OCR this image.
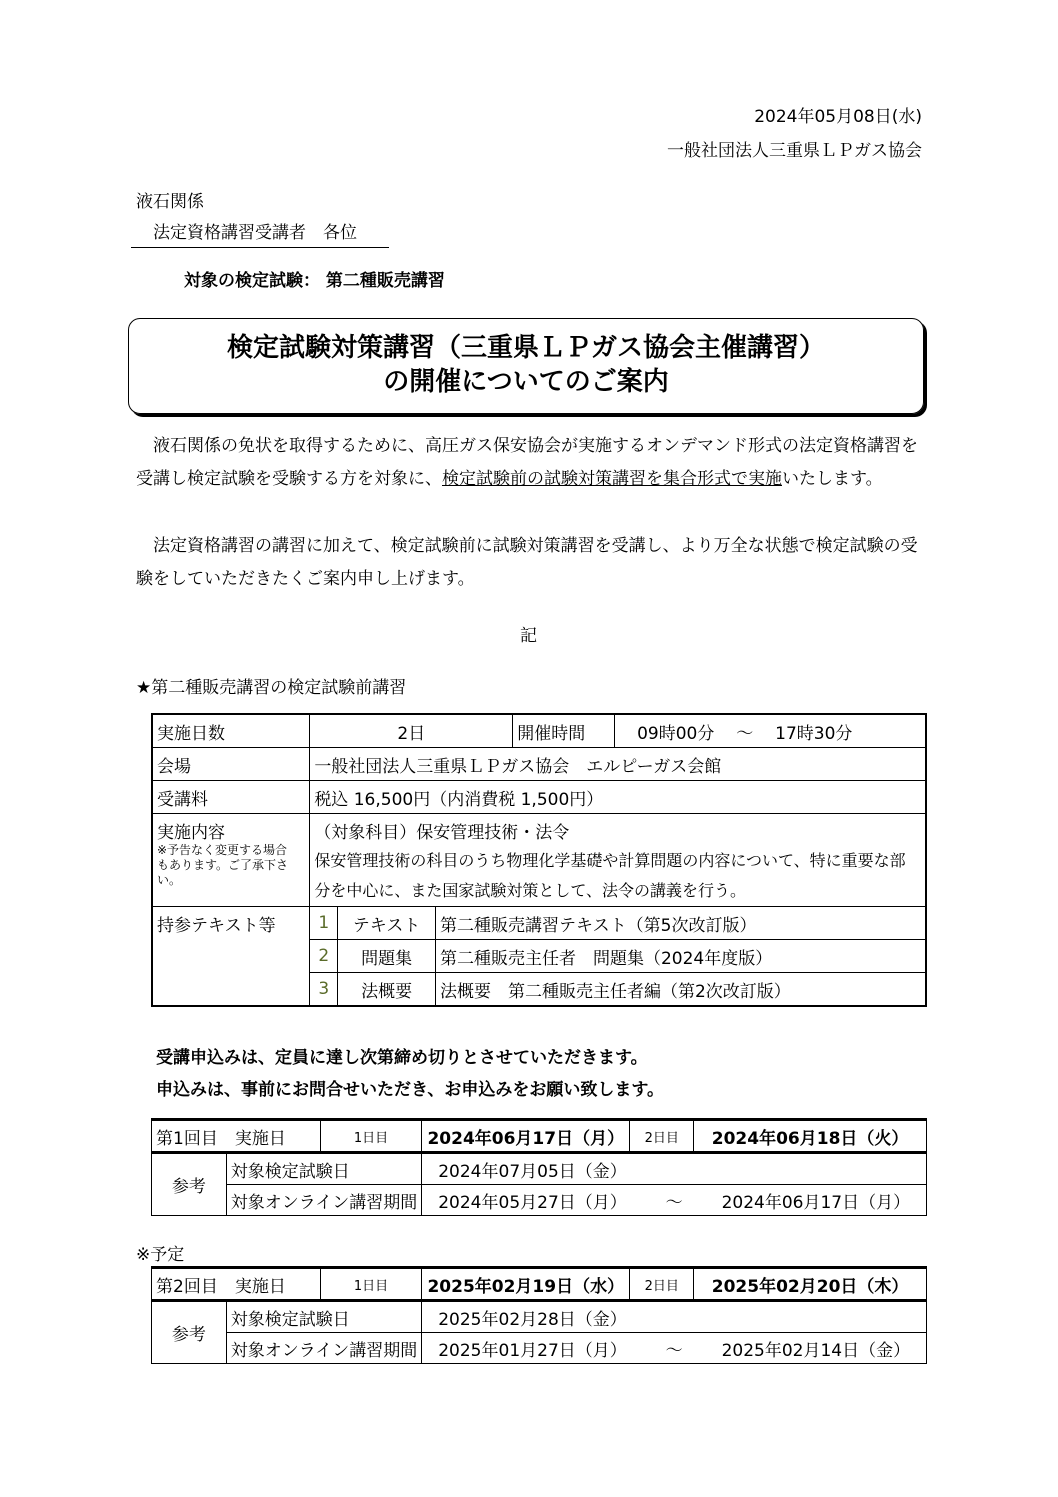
2024年05月08日(水)
一般社団法人三重県ＬＰガス協会
液石関係
法定資格講習受講者　各位
対象の検定試験： 第二種販売講習
検定試験対策講習（三重県ＬＰガス協会主催講習）
の開催についてのご案内
　液石関係の免状を取得するために、高圧ガス保安協会が実施するオンデマンド形式の法定資格講習を受講し検定試験を受験する方を対象に、検定試験前の試験対策講習を集合形式で実施いたします。
　法定資格講習の講習に加えて、検定試験前に試験対策講習を受講し、より万全な状態で検定試験の受験をしていただきたくご案内申し上げます。
記
★第二種販売講習の検定試験前講習
実施日数	2日			開催時間	09時00分 ～ 17時30分
会場	一般社団法人三重県ＬＰガス協会　エルピーガス会館				
受講料	税込 16,500円（内消費税 1,500円）				

実施内容
※予告なく変更する場合もあります。ご了承下さい。	（対象科目）保安管理技術・法令				
	保安管理技術の科目のうち物理化学基礎や計算問題の内容について、特に重要な部分を中心に、また国家試験対策として、法令の講義を行う。				
持参テキスト等	1	テキスト	第二種販売講習テキスト（第5次改訂版）		
	2	問題集	第二種販売主任者　問題集（2024年度版）		
	3	法概要	法概要　第二種販売主任者編（第2次改訂版）		
受講申込みは、定員に達し次第締め切りとさせていただきます。
申込みは、事前にお問合せいただき、お申込みをお願い致します。
第1回目　実施日		1日目	2024年06月17日（月）	2日目	2024年06月18日（火）
参考	対象検定試験日		2024年07月05日（金）		
	対象オンライン講習期間		2024年05月27日（月） ～ 2024年06月17日（月）		
※予定
第2回目　実施日		1日目	2025年02月19日（水）	2日目	2025年02月20日（木）
参考	対象検定試験日		2025年02月28日（金）		
	対象オンライン講習期間		2025年01月27日（月） ～ 2025年02月14日（金）		
